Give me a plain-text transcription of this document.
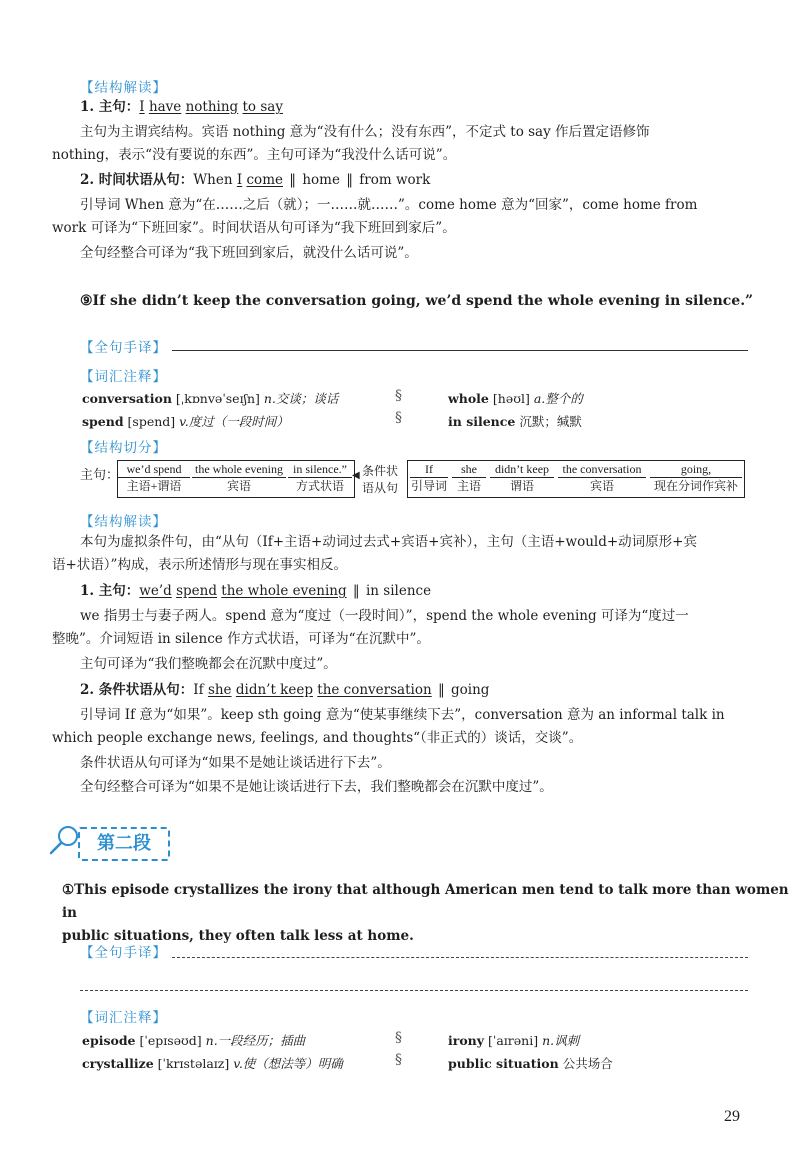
【结构解读】
1. 主句：I have nothing to say
主句为主谓宾结构。宾语 nothing 意为“没有什么；没有东西”，不定式 to say 作后置定语修饰
nothing，表示“没有要说的东西”。主句可译为“我没什么话可说”。
2. 时间状语从句：When I come ‖ home ‖ from work
引导词 When 意为“在……之后（就）；一……就……”。come home 意为“回家”，come home from
work 可译为“下班回家”。时间状语从句可译为“我下班回到家后”。
全句经整合可译为“我下班回到家后，就没什么话可说”。
⑨If she didn’t keep the conversation going, we’d spend the whole evening in silence.”
【全句手译】
【词汇注释】
conversation [ˌkɒnvəˈseɪʃn] n.交谈；谈话
spend [spend] v.度过（一段时间）
§
§
whole [həʊl] a.整个的
in silence 沉默；缄默
【结构切分】
主句： we’d spend
主语+谓语
the whole evening
宾语
in silence.”
方式状语
◀ 条件状
语从句
If
引导词
she
主语
didn’t keep
谓语
the conversation
宾语
going,
现在分词作宾补
【结构解读】
本句为虚拟条件句，由“从句（If+主语+动词过去式+宾语+宾补），主句（主语+would+动词原形+宾
语+状语）”构成，表示所述情形与现在事实相反。
1. 主句：we’d spend the whole evening ‖ in silence
we 指男士与妻子两人。spend 意为“度过（一段时间）”，spend the whole evening 可译为“度过一
整晚”。介词短语 in silence 作方式状语，可译为“在沉默中”。
主句可译为“我们整晚都会在沉默中度过”。
2. 条件状语从句：If she didn’t keep the conversation ‖ going
引导词 If 意为“如果”。keep sth going 意为“使某事继续下去”，conversation 意为 an informal talk in
which people exchange news, feelings, and thoughts“（非正式的）谈话，交谈”。
条件状语从句可译为“如果不是她让谈话进行下去”。
全句经整合可译为“如果不是她让谈话进行下去，我们整晚都会在沉默中度过”。
第二段
①This episode crystallizes the irony that although American men tend to talk more than women in
public situations, they often talk less at home.
【全句手译】
【词汇注释】
episode [ˈepɪsəʊd] n.一段经历；插曲
crystallize [ˈkrɪstəlaɪz] v.使（想法等）明确
§
§
irony [ˈaɪrəni] n.讽刺
public situation 公共场合
29
